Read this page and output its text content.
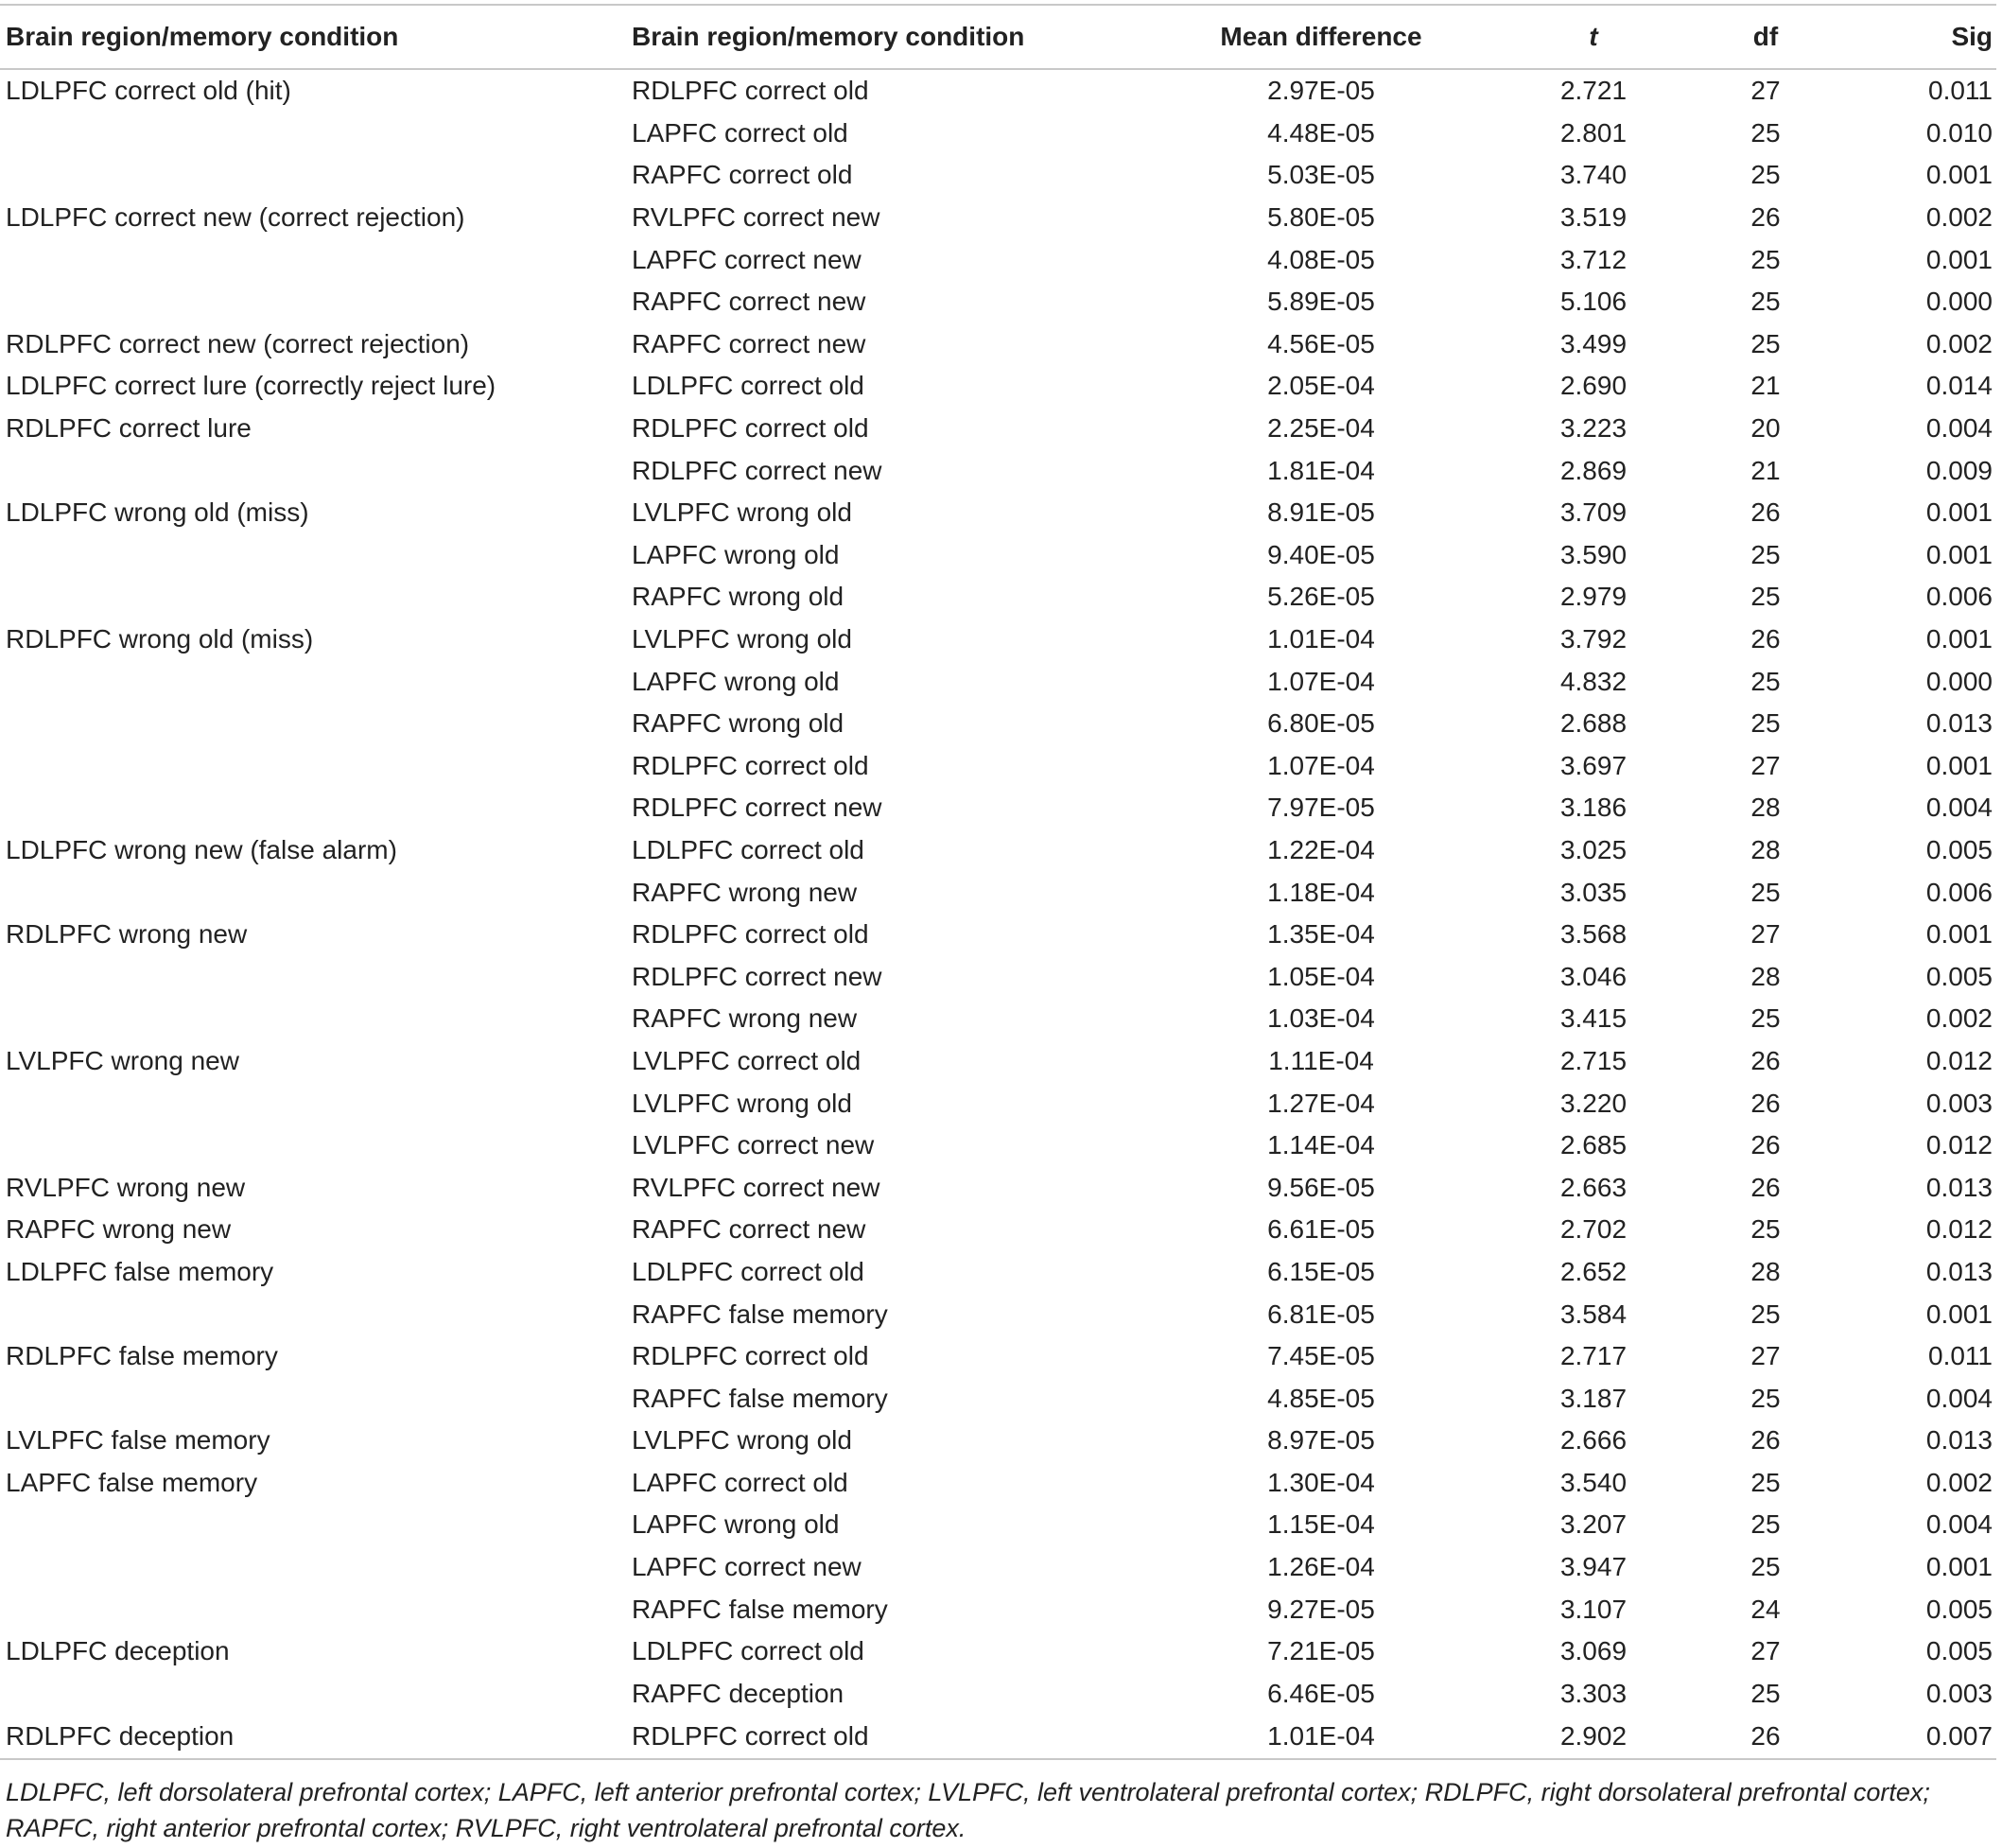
Brain region/memory condition	Brain region/memory condition	Mean difference	t	df	Sig
LDLPFC correct old (hit)	RDLPFC correct old	2.97E-05	2.721	27	0.011
	LAPFC correct old	4.48E-05	2.801	25	0.010
	RAPFC correct old	5.03E-05	3.740	25	0.001
LDLPFC correct new (correct rejection)	RVLPFC correct new	5.80E-05	3.519	26	0.002
	LAPFC correct new	4.08E-05	3.712	25	0.001
	RAPFC correct new	5.89E-05	5.106	25	0.000
RDLPFC correct new (correct rejection)	RAPFC correct new	4.56E-05	3.499	25	0.002
LDLPFC correct lure (correctly reject lure)	LDLPFC correct old	2.05E-04	2.690	21	0.014
RDLPFC correct lure	RDLPFC correct old	2.25E-04	3.223	20	0.004
	RDLPFC correct new	1.81E-04	2.869	21	0.009
LDLPFC wrong old (miss)	LVLPFC wrong old	8.91E-05	3.709	26	0.001
	LAPFC wrong old	9.40E-05	3.590	25	0.001
	RAPFC wrong old	5.26E-05	2.979	25	0.006
RDLPFC wrong old (miss)	LVLPFC wrong old	1.01E-04	3.792	26	0.001
	LAPFC wrong old	1.07E-04	4.832	25	0.000
	RAPFC wrong old	6.80E-05	2.688	25	0.013
	RDLPFC correct old	1.07E-04	3.697	27	0.001
	RDLPFC correct new	7.97E-05	3.186	28	0.004
LDLPFC wrong new (false alarm)	LDLPFC correct old	1.22E-04	3.025	28	0.005
	RAPFC wrong new	1.18E-04	3.035	25	0.006
RDLPFC wrong new	RDLPFC correct old	1.35E-04	3.568	27	0.001
	RDLPFC correct new	1.05E-04	3.046	28	0.005
	RAPFC wrong new	1.03E-04	3.415	25	0.002
LVLPFC wrong new	LVLPFC correct old	1.11E-04	2.715	26	0.012
	LVLPFC wrong old	1.27E-04	3.220	26	0.003
	LVLPFC correct new	1.14E-04	2.685	26	0.012
RVLPFC wrong new	RVLPFC correct new	9.56E-05	2.663	26	0.013
RAPFC wrong new	RAPFC correct new	6.61E-05	2.702	25	0.012
LDLPFC false memory	LDLPFC correct old	6.15E-05	2.652	28	0.013
	RAPFC false memory	6.81E-05	3.584	25	0.001
RDLPFC false memory	RDLPFC correct old	7.45E-05	2.717	27	0.011
	RAPFC false memory	4.85E-05	3.187	25	0.004
LVLPFC false memory	LVLPFC wrong old	8.97E-05	2.666	26	0.013
LAPFC false memory	LAPFC correct old	1.30E-04	3.540	25	0.002
	LAPFC wrong old	1.15E-04	3.207	25	0.004
	LAPFC correct new	1.26E-04	3.947	25	0.001
	RAPFC false memory	9.27E-05	3.107	24	0.005
LDLPFC deception	LDLPFC correct old	7.21E-05	3.069	27	0.005
	RAPFC deception	6.46E-05	3.303	25	0.003
RDLPFC deception	RDLPFC correct old	1.01E-04	2.902	26	0.007
LDLPFC, left dorsolateral prefrontal cortex; LAPFC, left anterior prefrontal cortex; LVLPFC, left ventrolateral prefrontal cortex; RDLPFC, right dorsolateral prefrontal cortex;
RAPFC, right anterior prefrontal cortex; RVLPFC, right ventrolateral prefrontal cortex.
